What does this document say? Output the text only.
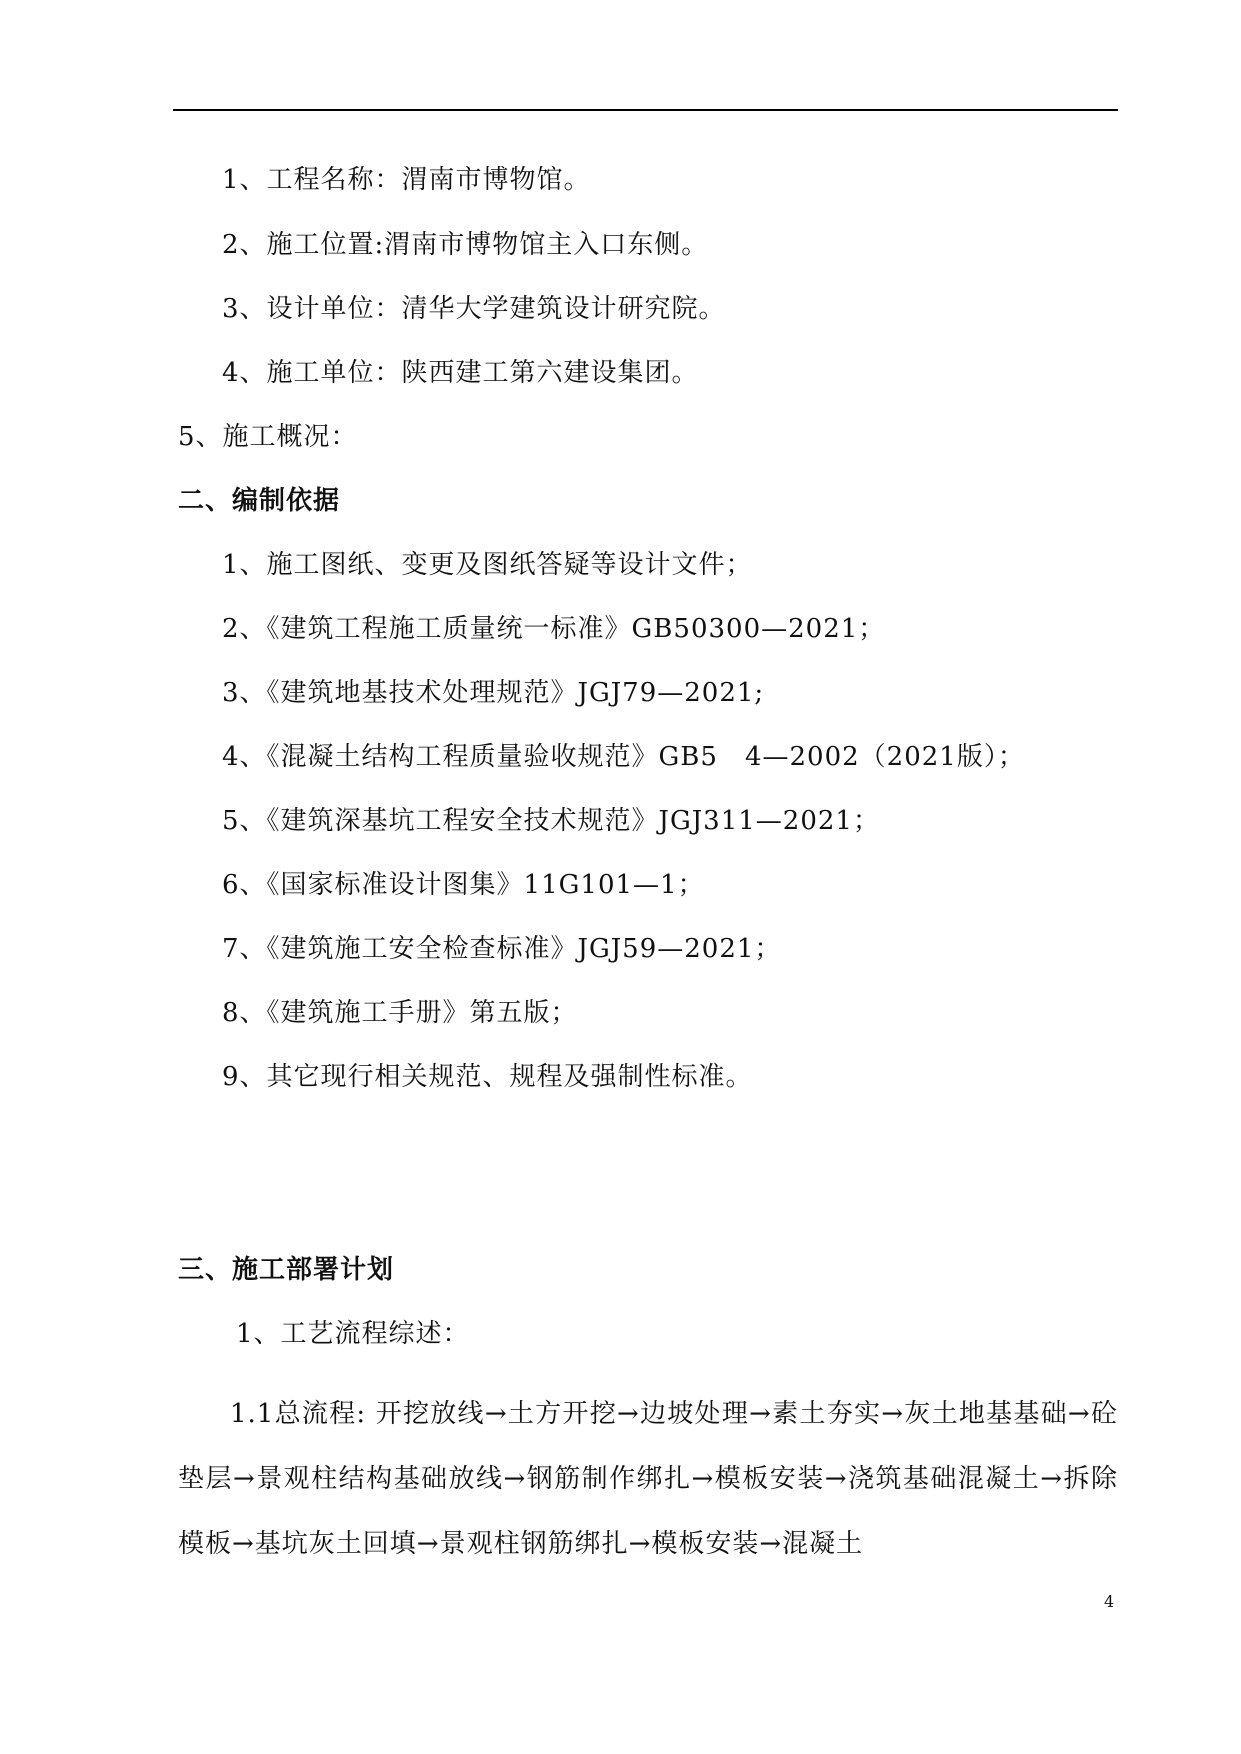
1、工程名称：渭南市博物馆。
2、施工位置:渭南市博物馆主入口东侧。
3、设计单位：清华大学建筑设计研究院。
4、施工单位：陕西建工第六建设集团。
5、施工概况：
二、编制依据
1、施工图纸、变更及图纸答疑等设计文件；
2、《建筑工程施工质量统一标准》GB50300—2021；
3、《建筑地基技术处理规范》JGJ79—2021;
4、《混凝土结构工程质量验收规范》GB5　4—2002（2021版）；
5、《建筑深基坑工程安全技术规范》JGJ311—2021；
6、《国家标准设计图集》11G101—1；
7、《建筑施工安全检查标准》JGJ59—2021；
8、《建筑施工手册》第五版；
9、其它现行相关规范、规程及强制性标准。
三、施工部署计划
1、工艺流程综述：
1.1总流程: 开挖放线→土方开挖→边坡处理→素土夯实→灰土地基基础→砼垫层→景观柱结构基础放线→钢筋制作绑扎→模板安装→浇筑基础混凝土→拆除模板→基坑灰土回填→景观柱钢筋绑扎→模板安装→混凝土
4
